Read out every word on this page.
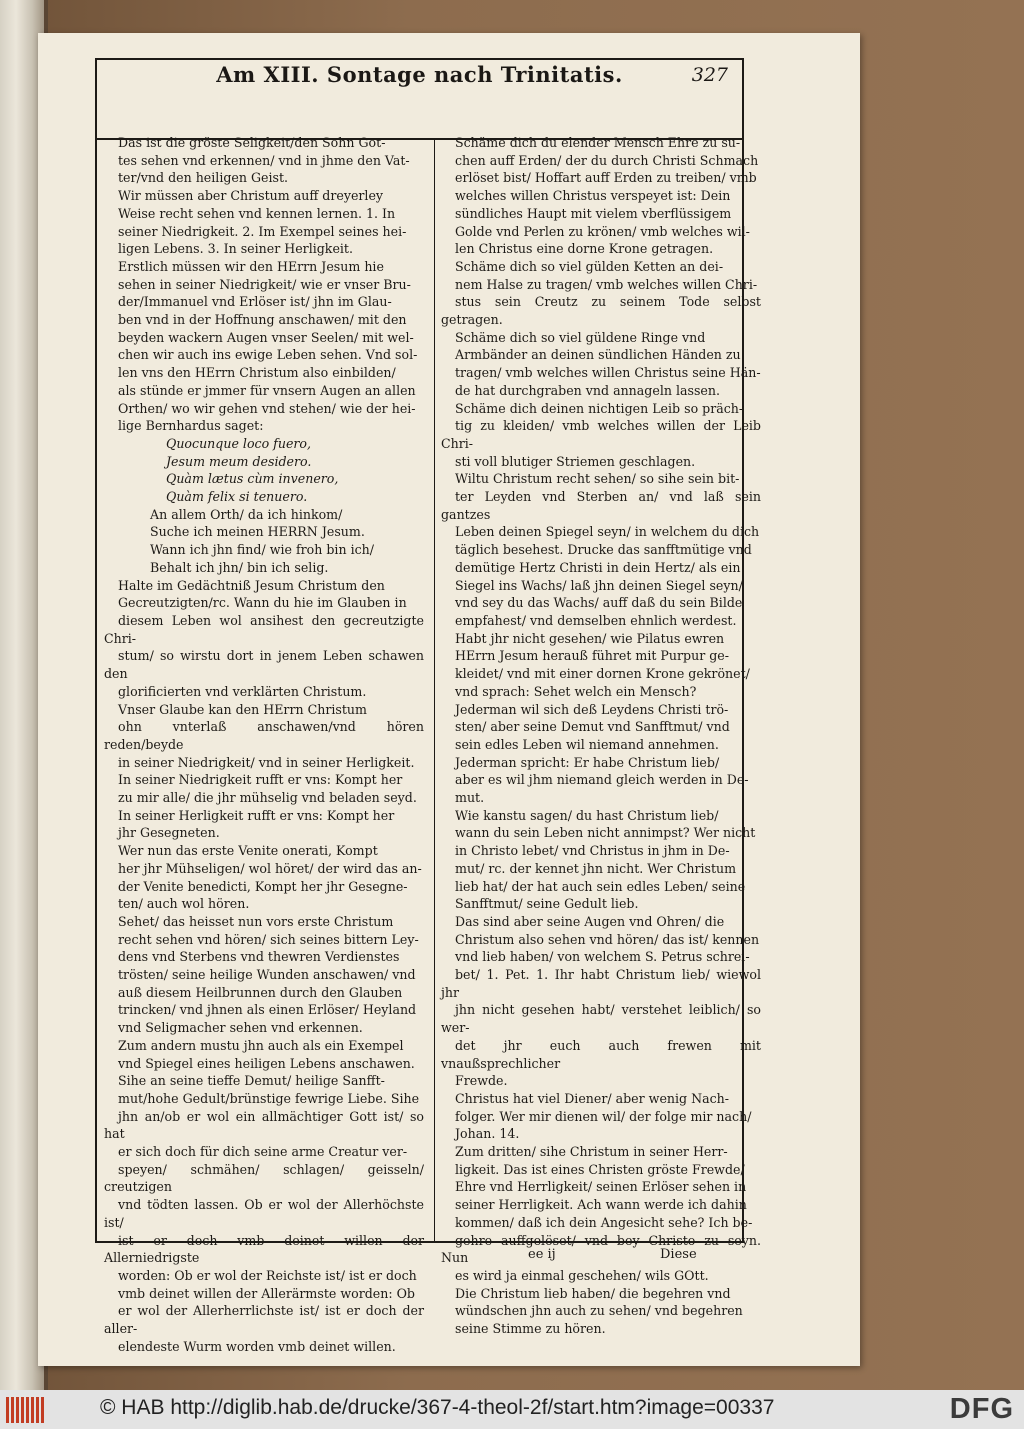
Am XIII. Sontage nach Trinitatis.	327

Das ist die gröste Seligkeit/den Sohn Got-

tes sehen vnd erkennen/ vnd in jhme den Vat-

ter/vnd den heiligen Geist.

Wir müssen aber Christum auff dreyerley

Weise recht sehen vnd kennen lernen. 1. In

seiner Niedrigkeit. 2. Im Exempel seines hei-

ligen Lebens. 3. In seiner Herligkeit.

Erstlich müssen wir den HErrn Jesum hie

sehen in seiner Niedrigkeit/ wie er vnser Bru-

der/Immanuel vnd Erlöser ist/ jhn im Glau-

ben vnd in der Hoffnung anschawen/ mit den

beyden wackern Augen vnser Seelen/ mit wel-

chen wir auch ins ewige Leben sehen. Vnd sol-

len vns den HErrn Christum also einbilden/

als stünde er jmmer für vnsern Augen an allen

Orthen/ wo wir gehen vnd stehen/ wie der hei-

lige Bernhardus saget:

Quocunque loco fuero,
Jesum meum desidero.
Quàm lætus cùm invenero,
Quàm felix si tenuero.
An allem Orth/ da ich hinkom/
Suche ich meinen HERRN Jesum.
Wann ich jhn find/ wie froh bin ich/
Behalt ich jhn/ bin ich selig.

Halte im Gedächtniß Jesum Christum den

Gecreutzigten/rc. Wann du hie im Glauben in

diesem Leben wol ansihest den gecreutzigte Chri-

stum/ so wirstu dort in jenem Leben schawen den

glorificierten vnd verklärten Christum.

Vnser Glaube kan den HErrn Christum

ohn vnterlaß anschawen/vnd hören reden/beyde

in seiner Niedrigkeit/ vnd in seiner Herligkeit.

In seiner Niedrigkeit rufft er vns: Kompt her

zu mir alle/ die jhr mühselig vnd beladen seyd.

In seiner Herligkeit rufft er vns: Kompt her

jhr Gesegneten.

Wer nun das erste Venite onerati, Kompt

her jhr Mühseligen/ wol höret/ der wird das an-

der Venite benedicti, Kompt her jhr Gesegne-

ten/ auch wol hören.

Sehet/ das heisset nun vors erste Christum

recht sehen vnd hören/ sich seines bittern Ley-

dens vnd Sterbens vnd thewren Verdienstes

trösten/ seine heilige Wunden anschawen/ vnd

auß diesem Heilbrunnen durch den Glauben

trincken/ vnd jhnen als einen Erlöser/ Heyland

vnd Seligmacher sehen vnd erkennen.

Zum andern mustu jhn auch als ein Exempel

vnd Spiegel eines heiligen Lebens anschawen.

Sihe an seine tieffe Demut/ heilige Sanfft-

mut/hohe Gedult/brünstige fewrige Liebe. Sihe

jhn an/ob er wol ein allmächtiger Gott ist/ so hat

er sich doch für dich seine arme Creatur ver-

speyen/ schmähen/ schlagen/ geisseln/ creutzigen

vnd tödten lassen. Ob er wol der Allerhöchste ist/

ist er doch vmb deinet willen der Allerniedrigste

worden: Ob er wol der Reichste ist/ ist er doch

vmb deinet willen der Allerärmste worden: Ob

er wol der Allerherrlichste ist/ ist er doch der aller-

elendeste Wurm worden vmb deinet willen.

Schäme dich du elender Mensch Ehre zu su-

chen auff Erden/ der du durch Christi Schmach

erlöset bist/ Hoffart auff Erden zu treiben/ vmb

welches willen Christus verspeyet ist: Dein

sündliches Haupt mit vielem vberflüssigem

Golde vnd Perlen zu krönen/ vmb welches wil-

len Christus eine dorne Krone getragen.

Schäme dich so viel gülden Ketten an dei-

nem Halse zu tragen/ vmb welches willen Chri-

stus sein Creutz zu seinem Tode selbst getragen.

Schäme dich so viel güldene Ringe vnd

Armbänder an deinen sündlichen Händen zu

tragen/ vmb welches willen Christus seine Hän-

de hat durchgraben vnd annageln lassen.

Schäme dich deinen nichtigen Leib so präch-

tig zu kleiden/ vmb welches willen der Leib Chri-

sti voll blutiger Striemen geschlagen.

Wiltu Christum recht sehen/ so sihe sein bit-

ter Leyden vnd Sterben an/ vnd laß sein gantzes

Leben deinen Spiegel seyn/ in welchem du dich

täglich besehest. Drucke das sanfftmütige vnd

demütige Hertz Christi in dein Hertz/ als ein

Siegel ins Wachs/ laß jhn deinen Siegel seyn/

vnd sey du das Wachs/ auff daß du sein Bilde

empfahest/ vnd demselben ehnlich werdest.

Habt jhr nicht gesehen/ wie Pilatus ewren

HErrn Jesum herauß führet mit Purpur ge-

kleidet/ vnd mit einer dornen Krone gekrönet/

vnd sprach: Sehet welch ein Mensch?

Jederman wil sich deß Leydens Christi trö-

sten/ aber seine Demut vnd Sanfftmut/ vnd

sein edles Leben wil niemand annehmen.

Jederman spricht: Er habe Christum lieb/

aber es wil jhm niemand gleich werden in De-

mut.

Wie kanstu sagen/ du hast Christum lieb/

wann du sein Leben nicht annimpst? Wer nicht

in Christo lebet/ vnd Christus in jhm in De-

mut/ rc. der kennet jhn nicht. Wer Christum

lieb hat/ der hat auch sein edles Leben/ seine

Sanfftmut/ seine Gedult lieb.

Das sind aber seine Augen vnd Ohren/ die

Christum also sehen vnd hören/ das ist/ kennen

vnd lieb haben/ von welchem S. Petrus schrei-

bet/ 1. Pet. 1. Ihr habt Christum lieb/ wiewol jhr

jhn nicht gesehen habt/ verstehet leiblich/ so wer-

det jhr euch auch frewen mit vnaußsprechlicher

Frewde.

Christus hat viel Diener/ aber wenig Nach-

folger. Wer mir dienen wil/ der folge mir nach/

Johan. 14.

Zum dritten/ sihe Christum in seiner Herr-

ligkeit. Das ist eines Christen gröste Frewde/

Ehre vnd Herrligkeit/ seinen Erlöser sehen in

seiner Herrligkeit. Ach wann werde ich dahin

kommen/ daß ich dein Angesicht sehe? Ich be-

gehre auffgelöset/ vnd bey Christo zu seyn. Nun

es wird ja einmal geschehen/ wils GOtt.

Die Christum lieb haben/ die begehren vnd

wündschen jhn auch zu sehen/ vnd begehren

seine Stimme zu hören.

ee ij	Diese
© HAB http://diglib.hab.de/drucke/367-4-theol-2f/start.htm?image=00337	DFG
